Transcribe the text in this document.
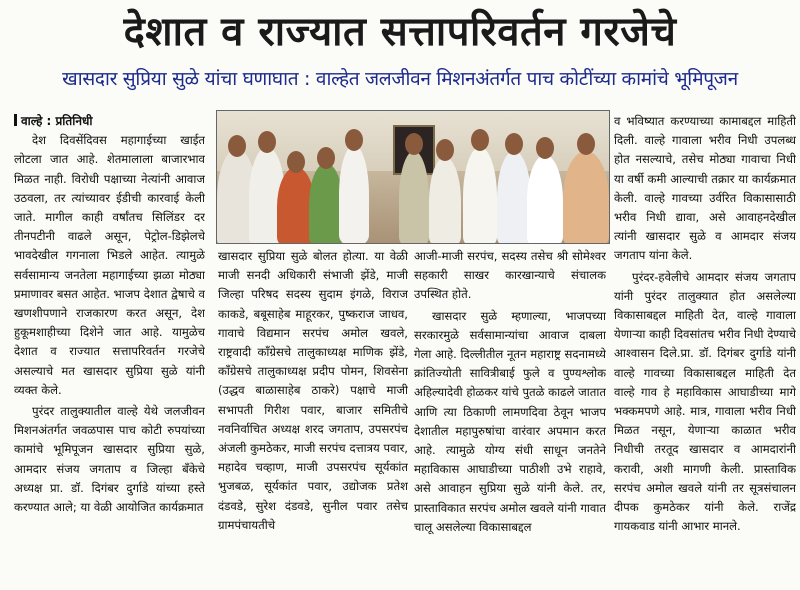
देशात व राज्यात सत्तापरिवर्तन गरजेचे
खासदार सुप्रिया सुळे यांचा घणाघात : वाल्हेत जलजीवन मिशनअंतर्गत पाच कोटींच्या कामांचे भूमिपूजन
वाल्हे : प्रतिनिधी

देश दिवसेंदिवस महागाईच्या खाईत लोटला जात आहे. शेतमालाला बाजारभाव मिळत नाही. विरोधी पक्षाच्या नेत्यांनी आवाज उठवला, तर त्यांच्यावर ईडीची कारवाई केली जाते. मागील काही वर्षांतच सिलिंडर दर तीनपटीनी वाढले असून, पेट्रोल-डिझेलचे भावदेखील गगनाला भिडले आहेत. त्यामुळे सर्वसामान्य जनतेला महागाईच्या झळा मोठ्या प्रमाणावर बसत आहेत. भाजप देशात द्वेषाचे व खणशीपणाने राजकारण करत असून, देश हुकूमशाहीच्या दिशेने जात आहे. यामुळेच देशात व राज्यात सत्तापरिवर्तन गरजेचे असल्याचे मत खासदार सुप्रिया सुळे यांनी व्यक्त केले.

पुरंदर तालुक्यातील वाल्हे येथे जलजीवन मिशनअंतर्गत जवळपास पाच कोटी रुपयांच्या कामांचे भूमिपूजन खासदार सुप्रिया सुळे, आमदार संजय जगताप व जिल्हा बँकेचे अध्यक्ष प्रा. डॉ. दिगंबर दुर्गाडे यांच्या हस्ते करण्यात आले; या वेळी आयोजित कार्यक्रमात

खासदार सुप्रिया सुळे बोलत होत्या. या वेळी माजी सनदी अधिकारी संभाजी झेंडे, माजी जिल्हा परिषद सदस्य सुदाम इंगळे, विराज काकडे, बबूसाहेब माहूरकर, पुष्कराज जाधव, गावाचे विद्यमान सरपंच अमोल खवले, राष्ट्रवादी काँग्रेसचे तालुकाध्यक्ष माणिक झेंडे, काँग्रेसचे तालुकाध्यक्ष प्रदीप पोमन, शिवसेना (उद्धव बाळासाहेब ठाकरे) पक्षाचे माजी सभापती गिरीश पवार, बाजार समितीचे नवनिर्वाचित अध्यक्ष शरद जगताप, उपसरपंच अंजली कुमठेकर, माजी सरपंच दत्तात्रय पवार, महादेव चव्हाण, माजी उपसरपंच सूर्यकांत भुजबळ, सूर्यकांत पवार, उद्योजक प्रतेश दंडवडे, सुरेश दंडवडे, सुनील पवार तसेच ग्रामपंचायतीचे

आजी-माजी सरपंच, सदस्य तसेच श्री सोमेश्वर सहकारी साखर कारखान्याचे संचालक उपस्थित होते.

खासदार सुळे म्हणाल्या, भाजपच्या सरकारमुळे सर्वसामान्यांचा आवाज दाबला गेला आहे. दिल्लीतील नूतन महाराष्ट्र सदनामध्ये क्रांतिज्योती सावित्रीबाई फुले व पुण्यश्लोक अहिल्यादेवी होळकर यांचे पुतळे काढले जातात आणि त्या ठिकाणी लामणदिवा ठेवून भाजप देशातील महापुरुषांचा वारंवार अपमान करत आहे. त्यामुळे योग्य संधी साधून जनतेने महाविकास आघाडीच्या पाठीशी उभे राहावे, असे आवाहन सुप्रिया सुळे यांनी केले. तर, प्रास्ताविकात सरपंच अमोल खवले यांनी गावात चालू असलेल्या विकासाबद्दल

व भविष्यात करण्याच्या कामाबद्दल माहिती दिली. वाल्हे गावाला भरीव निधी उपलब्ध होत नसल्याचे, तसेच मोठ्या गावाचा निधी या वर्षी कमी आल्याची तक्रार या कार्यक्रमात केली. वाल्हे गावच्या उर्वरित विकासासाठी भरीव निधी द्यावा, असे आवाहनदेखील त्यांनी खासदार सुळे व आमदार संजय जगताप यांना केले.

पुरंदर-हवेलीचे आमदार संजय जगताप यांनी पुरंदर तालुक्यात होत असलेल्या विकासाबद्दल माहिती देत, वाल्हे गावाला येणाऱ्या काही दिवसांतच भरीव निधी देण्याचे आश्वासन दिले.प्रा. डॉ. दिगंबर दुर्गाडे यांनी वाल्हे गावच्या विकासाबद्दल माहिती देत वाल्हे गाव हे महाविकास आघाडीच्या मागे भक्कमपणे आहे. मात्र, गावाला भरीव निधी मिळत नसून, येणाऱ्या काळात भरीव निधीची तरतूद खासदार व आमदारांनी करावी, अशी मागणी केली. प्रास्ताविक सरपंच अमोल खवले यांनी तर सूत्रसंचालन दीपक कुमठेकर यांनी केले. राजेंद्र गायकवाड यांनी आभार मानले.
